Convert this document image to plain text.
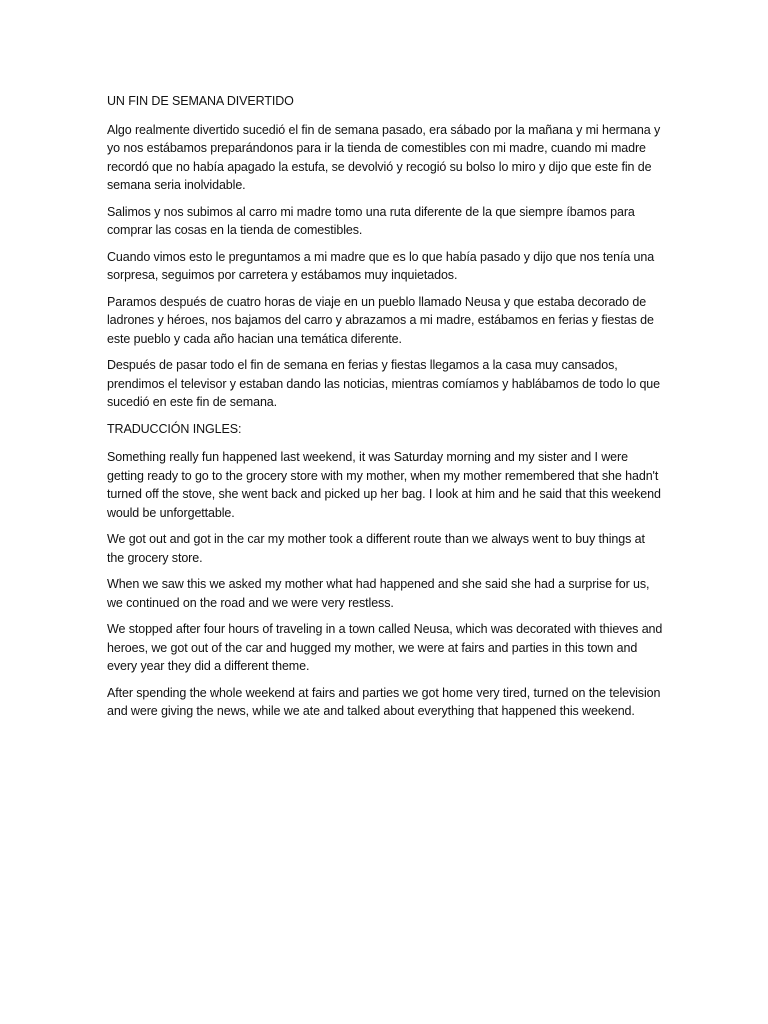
UN FIN DE SEMANA DIVERTIDO

Algo realmente divertido sucedió el fin de semana pasado, era sábado por la mañana y mi hermana y yo nos estábamos preparándonos para ir la tienda de comestibles con mi madre, cuando mi madre recordó que no había apagado la estufa, se devolvió y recogió su bolso lo miro y dijo que este fin de semana seria inolvidable.

Salimos y nos subimos al carro mi madre tomo una ruta diferente de la que siempre íbamos para comprar las cosas en la tienda de comestibles.

Cuando vimos esto le preguntamos a mi madre que es lo que había pasado y dijo que nos tenía una sorpresa, seguimos por carretera y estábamos muy inquietados.

Paramos después de cuatro horas de viaje en un pueblo llamado Neusa y que estaba decorado de ladrones y héroes, nos bajamos del carro y abrazamos a mi madre, estábamos en ferias y fiestas de este pueblo y cada año hacian una temática diferente.

Después de pasar todo el fin de semana en ferias y fiestas llegamos a la casa muy cansados, prendimos el televisor y estaban dando las noticias, mientras comíamos y hablábamos de todo lo que sucedió en este fin de semana.

TRADUCCIÓN INGLES:

Something really fun happened last weekend, it was Saturday morning and my sister and I were getting ready to go to the grocery store with my mother, when my mother remembered that she hadn't turned off the stove, she went back and picked up her bag. I look at him and he said that this weekend would be unforgettable.

We got out and got in the car my mother took a different route than we always went to buy things at the grocery store.

When we saw this we asked my mother what had happened and she said she had a surprise for us, we continued on the road and we were very restless.

We stopped after four hours of traveling in a town called Neusa, which was decorated with thieves and heroes, we got out of the car and hugged my mother, we were at fairs and parties in this town and every year they did a different theme.

After spending the whole weekend at fairs and parties we got home very tired, turned on the television and were giving the news, while we ate and talked about everything that happened this weekend.
